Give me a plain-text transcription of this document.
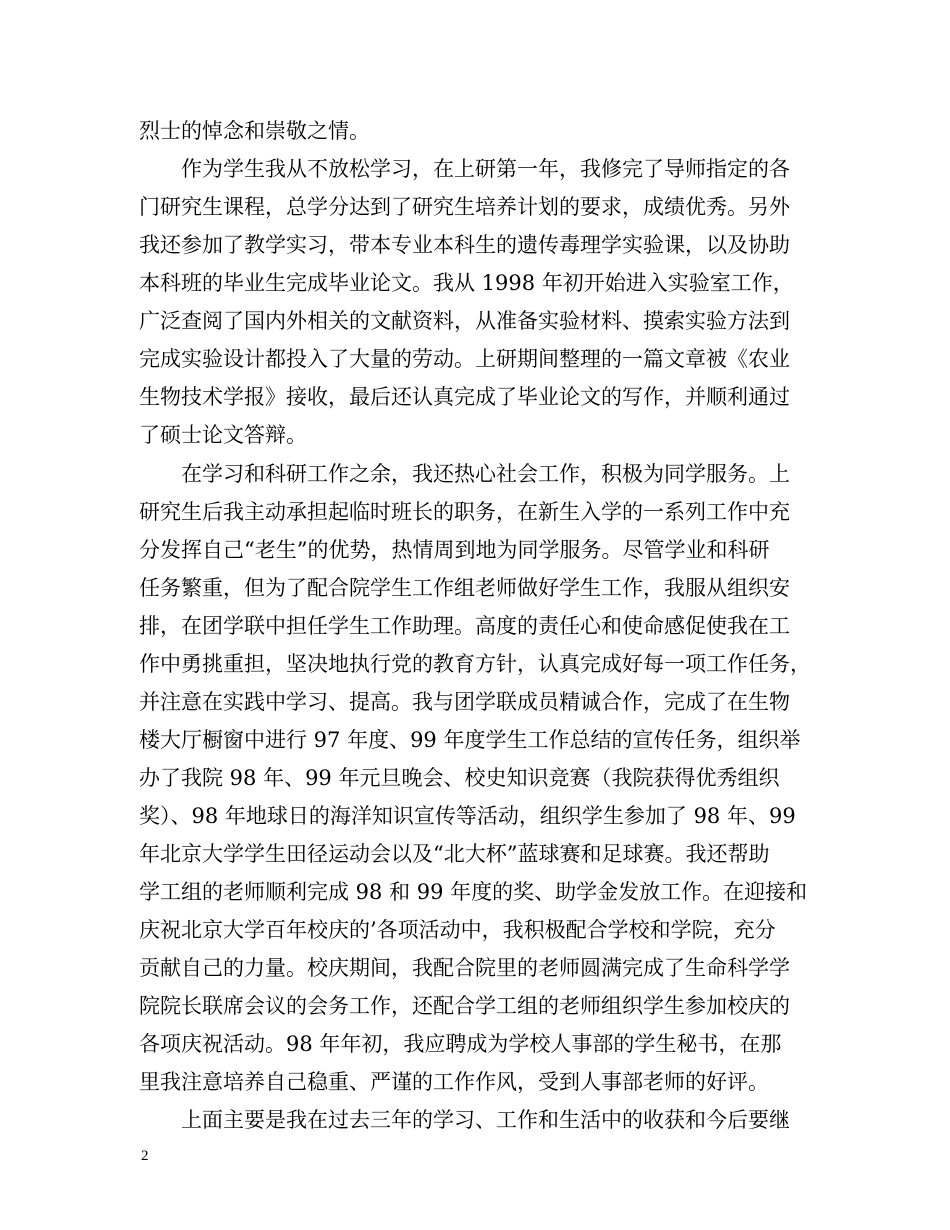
烈士的悼念和崇敬之情。
作为学生我从不放松学习，在上研第一年，我修完了导师指定的各
门研究生课程，总学分达到了研究生培养计划的要求，成绩优秀。另外
我还参加了教学实习，带本专业本科生的遗传毒理学实验课，以及协助
本科班的毕业生完成毕业论文。我从 1998 年初开始进入实验室工作，
广泛查阅了国内外相关的文献资料，从准备实验材料、摸索实验方法到
完成实验设计都投入了大量的劳动。上研期间整理的一篇文章被《农业
生物技术学报》接收，最后还认真完成了毕业论文的写作，并顺利通过
了硕士论文答辩。
在学习和科研工作之余，我还热心社会工作，积极为同学服务。上
研究生后我主动承担起临时班长的职务，在新生入学的一系列工作中充
分发挥自己“老生”的优势，热情周到地为同学服务。尽管学业和科研
任务繁重，但为了配合院学生工作组老师做好学生工作，我服从组织安
排，在团学联中担任学生工作助理。高度的责任心和使命感促使我在工
作中勇挑重担，坚决地执行党的教育方针，认真完成好每一项工作任务，
并注意在实践中学习、提高。我与团学联成员精诚合作，完成了在生物
楼大厅橱窗中进行 97 年度、99 年度学生工作总结的宣传任务，组织举
办了我院 98 年、99 年元旦晚会、校史知识竞赛（我院获得优秀组织
奖）、98 年地球日的海洋知识宣传等活动，组织学生参加了 98 年、99
年北京大学学生田径运动会以及“北大杯”蓝球赛和足球赛。我还帮助
学工组的老师顺利完成 98 和 99 年度的奖、助学金发放工作。在迎接和
庆祝北京大学百年校庆的’各项活动中，我积极配合学校和学院，充分
贡献自己的力量。校庆期间，我配合院里的老师圆满完成了生命科学学
院院长联席会议的会务工作，还配合学工组的老师组织学生参加校庆的
各项庆祝活动。98 年年初，我应聘成为学校人事部的学生秘书，在那
里我注意培养自己稳重、严谨的工作作风，受到人事部老师的好评。
上面主要是我在过去三年的学习、工作和生活中的收获和今后要继
2
